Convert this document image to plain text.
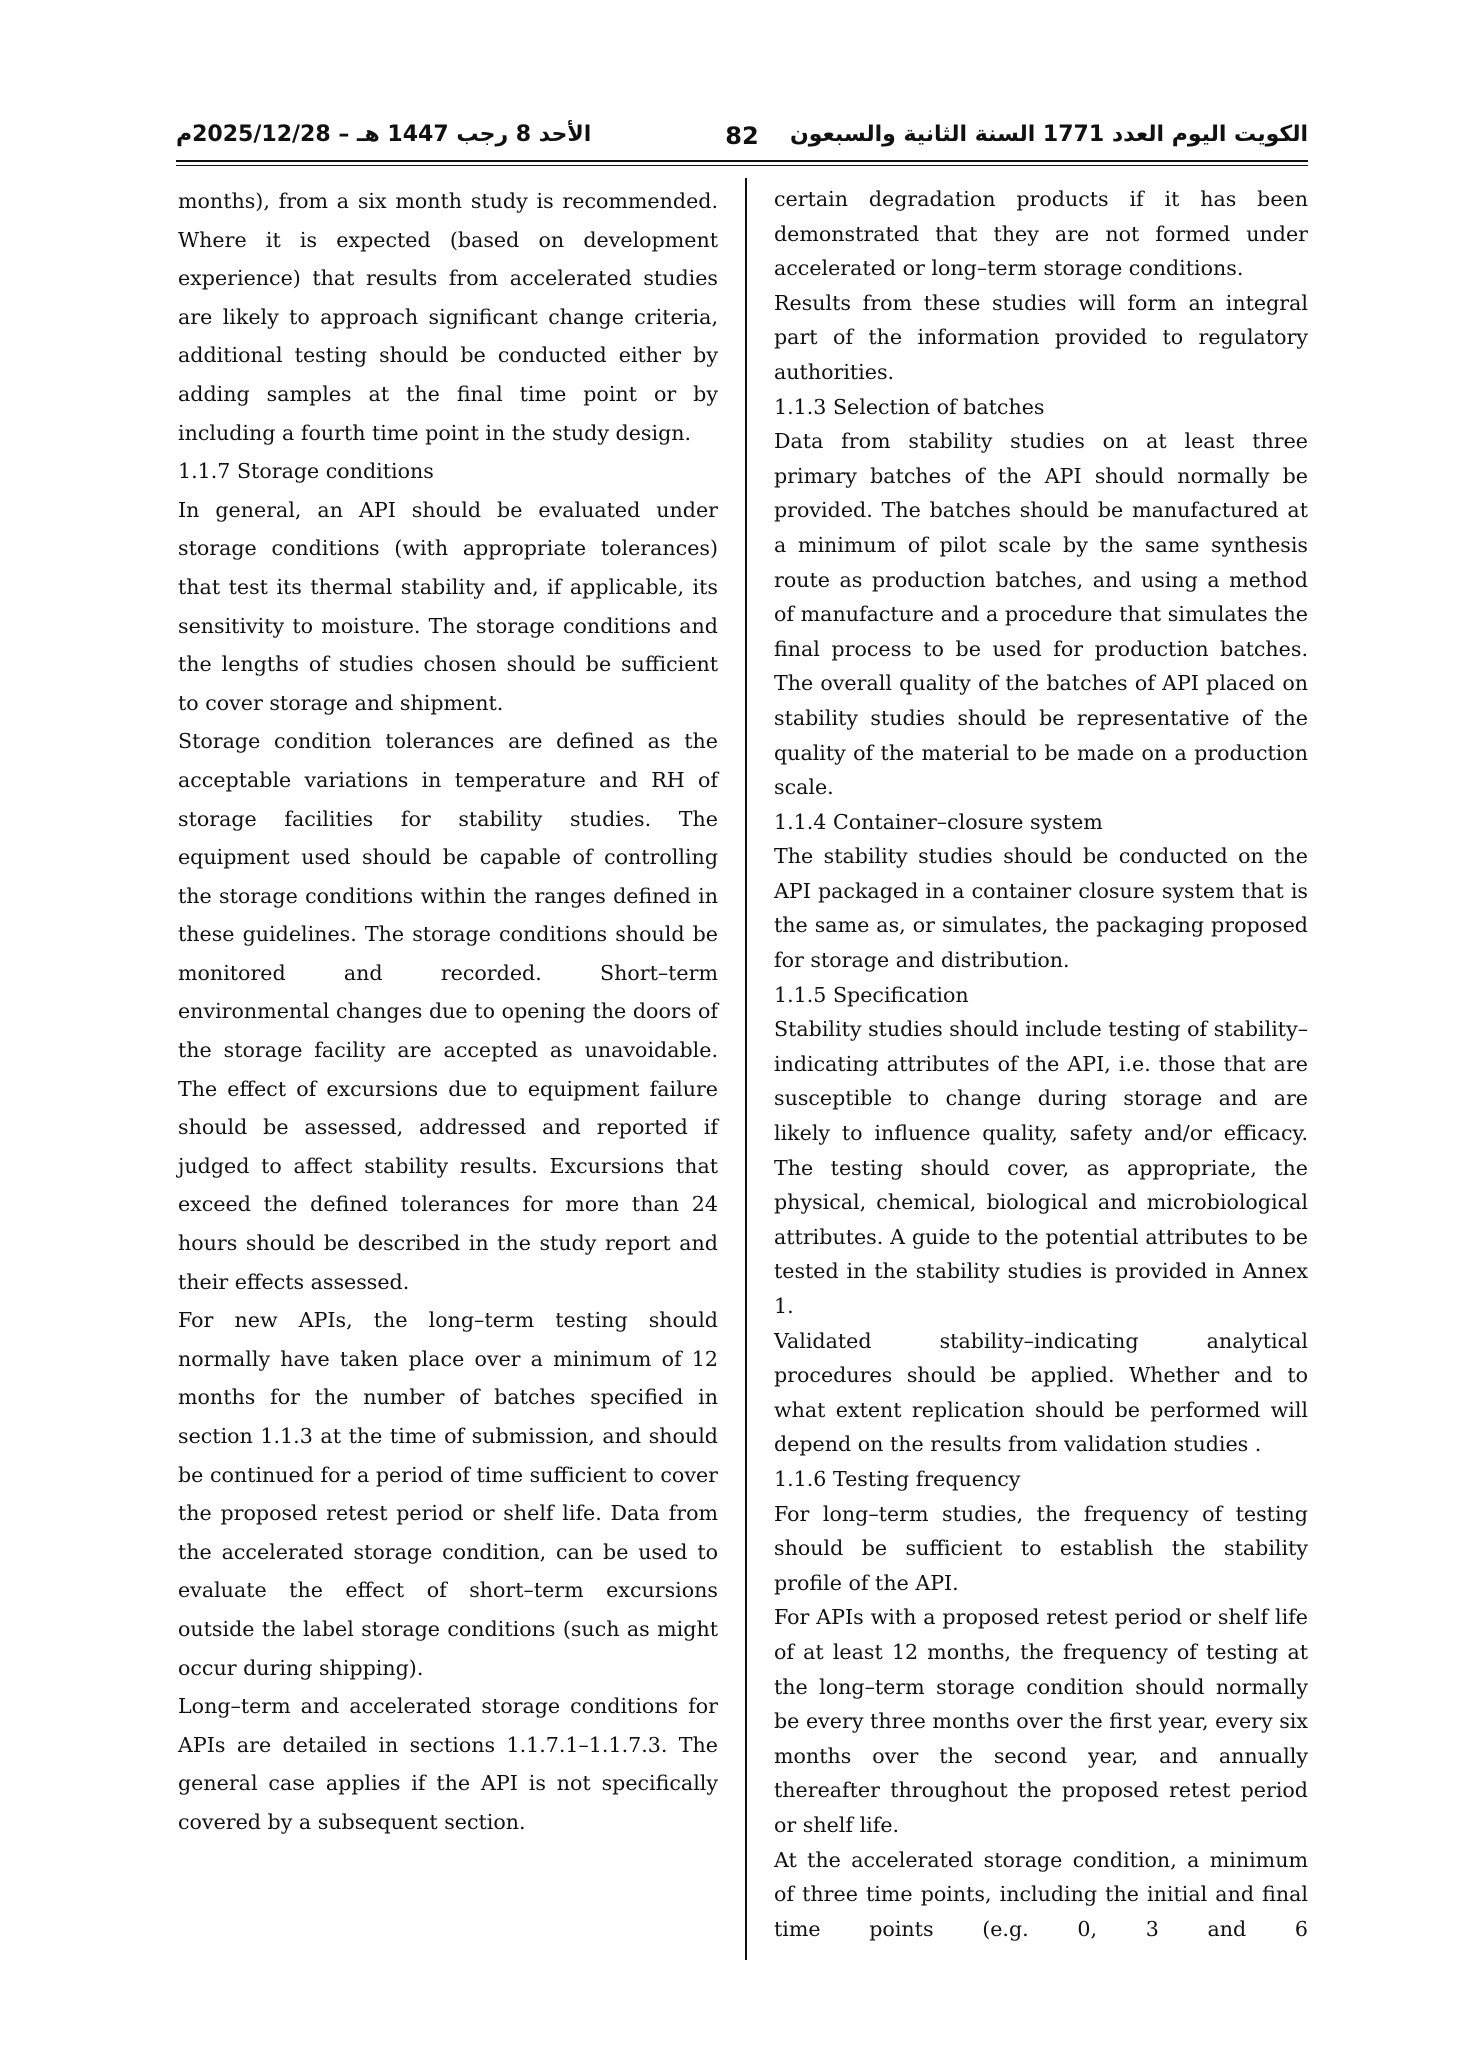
الأحد 8 رجب 1447 هـ – 2025/12/28م	82 الكويت اليوم العدد 1771 السنة الثانية والسبعون

months), from a six month study is recommended. Where it is expected (based on development experience) that results from accelerated studies are likely to approach significant change criteria, additional testing should be conducted either by adding samples at the final time point or by including a fourth time point in the study design.

1.1.7 Storage conditions

In general, an API should be evaluated under storage conditions (with appropriate tolerances) that test its thermal stability and, if applicable, its sensitivity to moisture. The storage conditions and the lengths of studies chosen should be sufficient to cover storage and shipment.

Storage condition tolerances are defined as the acceptable variations in temperature and RH of storage facilities for stability studies. The equipment used should be capable of controlling the storage conditions within the ranges defined in these guidelines. The storage conditions should be monitored and recorded. Short–term environmental changes due to opening the doors of the storage facility are accepted as unavoidable. The effect of excursions due to equipment failure should be assessed, addressed and reported if judged to affect stability results. Excursions that exceed the defined tolerances for more than 24 hours should be described in the study report and their effects assessed.

For new APIs, the long–term testing should normally have taken place over a minimum of 12 months for the number of batches specified in section 1.1.3 at the time of submission, and should be continued for a period of time sufficient to cover the proposed retest period or shelf life. Data from the accelerated storage condition, can be used to evaluate the effect of short–term excursions outside the label storage conditions (such as might occur during shipping).

Long–term and accelerated storage conditions for APIs are detailed in sections 1.1.7.1–1.1.7.3. The general case applies if the API is not specifically covered by a subsequent section.

certain degradation products if it has been demonstrated that they are not formed under accelerated or long–term storage conditions.

Results from these studies will form an integral part of the information provided to regulatory authorities.

1.1.3 Selection of batches

Data from stability studies on at least three primary batches of the API should normally be provided. The batches should be manufactured at a minimum of pilot scale by the same synthesis route as production batches, and using a method of manufacture and a procedure that simulates the final process to be used for production batches. The overall quality of the batches of API placed on stability studies should be representative of the quality of the material to be made on a production scale.

1.1.4 Container–closure system

The stability studies should be conducted on the API packaged in a container closure system that is the same as, or simulates, the packaging proposed for storage and distribution.

1.1.5 Specification

Stability studies should include testing of stability–indicating attributes of the API, i.e. those that are susceptible to change during storage and are likely to influence quality, safety and/or efficacy. The testing should cover, as appropriate, the physical, chemical, biological and microbiological attributes. A guide to the potential attributes to be tested in the stability studies is provided in Annex 1.

Validated stability–indicating analytical procedures should be applied. Whether and to what extent replication should be performed will depend on the results from validation studies .

1.1.6 Testing frequency

For long–term studies, the frequency of testing should be sufficient to establish the stability profile of the API.

For APIs with a proposed retest period or shelf life of at least 12 months, the frequency of testing at the long–term storage condition should normally be every three months over the first year, every six months over the second year, and annually thereafter throughout the proposed retest period or shelf life.

At the accelerated storage condition, a minimum of three time points, including the initial and final time points (e.g. 0, 3 and 6
